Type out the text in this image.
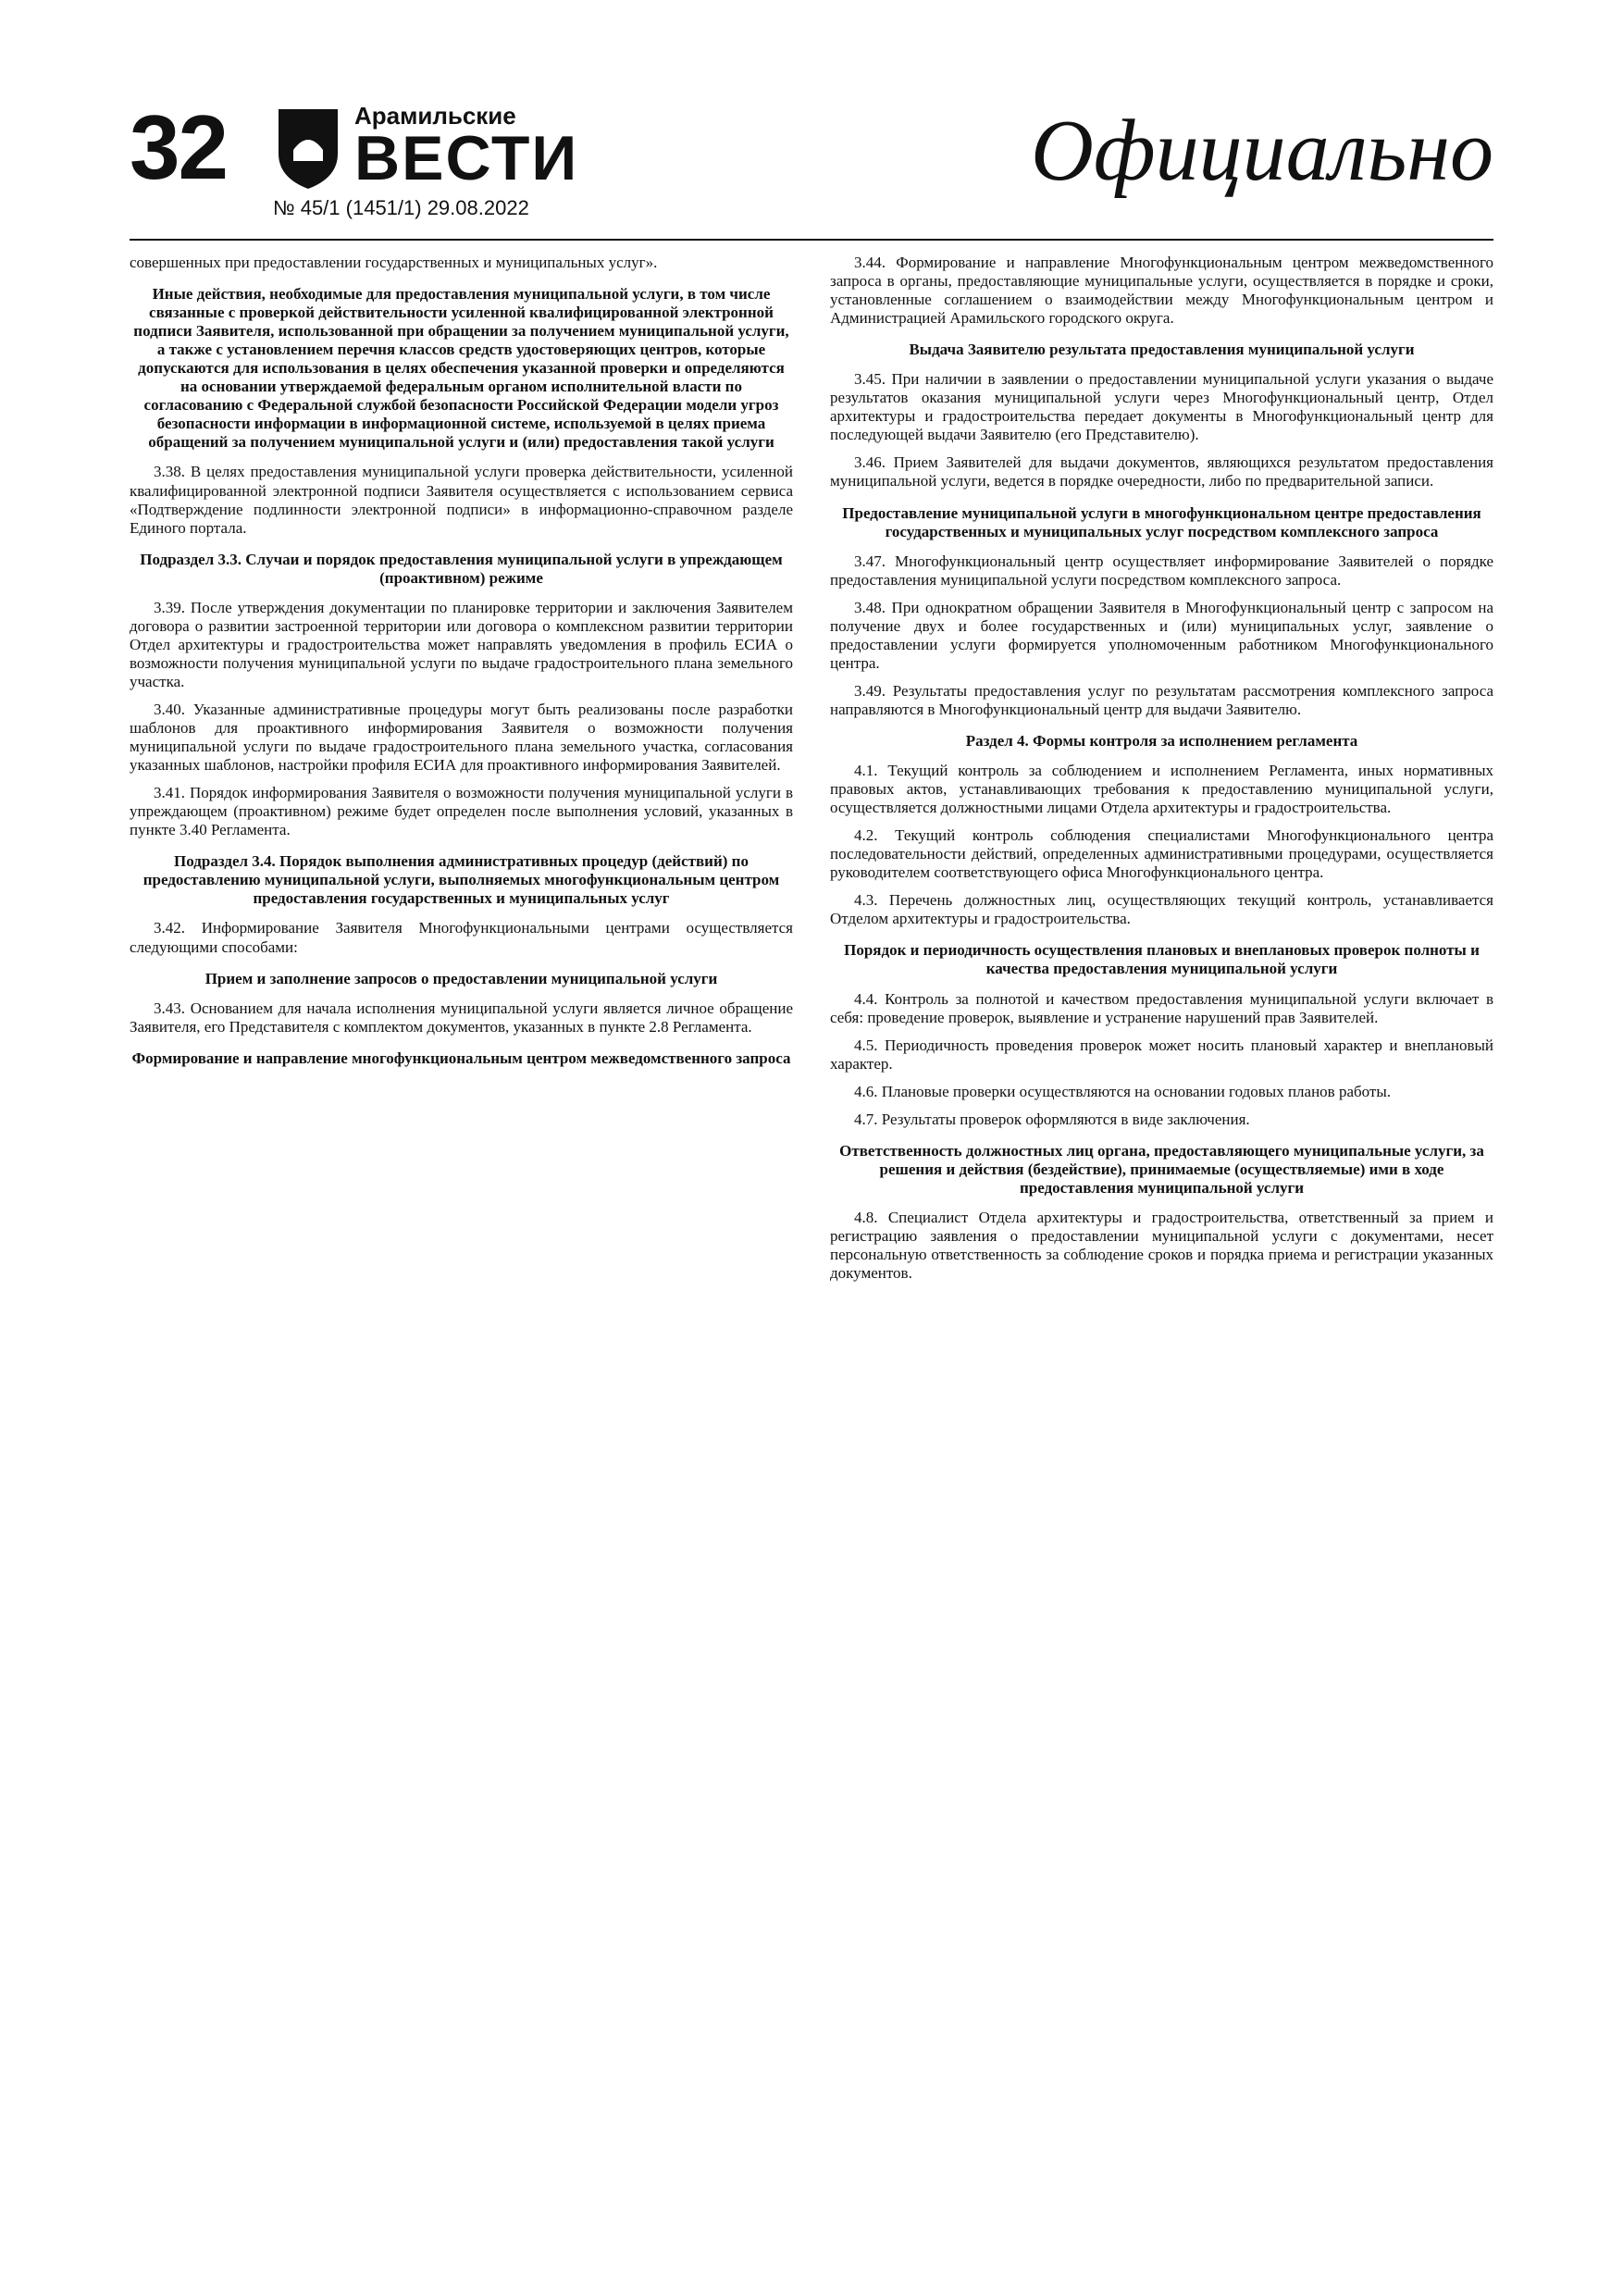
32	Арамильские
ВЕСТИ
№ 45/1 (1451/1) 29.08.2022
Официально

совершенных при предоставлении государственных и муниципальных услуг».

Иные действия, необходимые для предоставления муниципальной услуги, в том числе связанные с проверкой действительности усиленной квалифицированной электронной подписи Заявителя, использованной при обращении за получением муниципальной услуги, а также с установлением перечня классов средств удостоверяющих центров, которые допускаются для использования в целях обеспечения указанной проверки и определяются на основании утверждаемой федеральным органом исполнительной власти по согласованию с Федеральной службой безопасности Российской Федерации модели угроз безопасности информации в информационной системе, используемой в целях приема обращений за получением муниципальной услуги и (или) предоставления такой услуги

3.38. В целях предоставления муниципальной услуги проверка действительности, усиленной квалифицированной электронной подписи Заявителя осуществляется с использованием сервиса «Подтверждение подлинности электронной подписи» в информационно-справочном разделе Единого портала.

Подраздел 3.3. Случаи и порядок предоставления муниципальной услуги в упреждающем (проактивном) режиме

3.39. После утверждения документации по планировке территории и заключения Заявителем договора о развитии застроенной территории или договора о комплексном развитии территории Отдел архитектуры и градостроительства может направлять уведомления в профиль ЕСИА о возможности получения муниципальной услуги по выдаче градостроительного плана земельного участка.

3.40. Указанные административные процедуры могут быть реализованы после разработки шаблонов для проактивного информирования Заявителя о возможности получения муниципальной услуги по выдаче градостроительного плана земельного участка, согласования указанных шаблонов, настройки профиля ЕСИА для проактивного информирования Заявителей.

3.41. Порядок информирования Заявителя о возможности получения муниципальной услуги в упреждающем (проактивном) режиме будет определен после выполнения условий, указанных в пункте 3.40 Регламента.

Подраздел 3.4. Порядок выполнения административных процедур (действий) по предоставлению муниципальной услуги, выполняемых многофункциональным центром предоставления государственных и муниципальных услуг

3.42. Информирование Заявителя Многофункциональными центрами осуществляется следующими способами:

Прием и заполнение запросов о предоставлении муниципальной услуги

3.43. Основанием для начала исполнения муниципальной услуги является личное обращение Заявителя, его Представителя с комплектом документов, указанных в пункте 2.8 Регламента.

Формирование и направление многофункциональным центром межведомственного запроса

3.44. Формирование и направление Многофункциональным центром межведомственного запроса в органы, предоставляющие муниципальные услуги, осуществляется в порядке и сроки, установленные соглашением о взаимодействии между Многофункциональным центром и Администрацией Арамильского городского округа.

Выдача Заявителю результата предоставления муниципальной услуги

3.45. При наличии в заявлении о предоставлении муниципальной услуги указания о выдаче результатов оказания муниципальной услуги через Многофункциональный центр, Отдел архитектуры и градостроительства передает документы в Многофункциональный центр для последующей выдачи Заявителю (его Представителю).

3.46. Прием Заявителей для выдачи документов, являющихся результатом предоставления муниципальной услуги, ведется в порядке очередности, либо по предварительной записи.

Предоставление муниципальной услуги в многофункциональном центре предоставления государственных и муниципальных услуг посредством комплексного запроса

3.47. Многофункциональный центр осуществляет информирование Заявителей о порядке предоставления муниципальной услуги посредством комплексного запроса.

3.48. При однократном обращении Заявителя в Многофункциональный центр с запросом на получение двух и более государственных и (или) муниципальных услуг, заявление о предоставлении услуги формируется уполномоченным работником Многофункционального центра.

3.49. Результаты предоставления услуг по результатам рассмотрения комплексного запроса направляются в Многофункциональный центр для выдачи Заявителю.

Раздел 4. Формы контроля за исполнением регламента

4.1. Текущий контроль за соблюдением и исполнением Регламента, иных нормативных правовых актов, устанавливающих требования к предоставлению муниципальной услуги, осуществляется должностными лицами Отдела архитектуры и градостроительства.

4.2. Текущий контроль соблюдения специалистами Многофункционального центра последовательности действий, определенных административными процедурами, осуществляется руководителем соответствующего офиса Многофункционального центра.

4.3. Перечень должностных лиц, осуществляющих текущий контроль, устанавливается Отделом архитектуры и градостроительства.

Порядок и периодичность осуществления плановых и внеплановых проверок полноты и качества предоставления муниципальной услуги

4.4. Контроль за полнотой и качеством предоставления муниципальной услуги включает в себя: проведение проверок, выявление и устранение нарушений прав Заявителей.

4.5. Периодичность проведения проверок может носить плановый характер и внеплановый характер.

4.6. Плановые проверки осуществляются на основании годовых планов работы.

4.7. Результаты проверок оформляются в виде заключения.

Ответственность должностных лиц органа, предоставляющего муниципальные услуги, за решения и действия (бездействие), принимаемые (осуществляемые) ими в ходе предоставления муниципальной услуги

4.8. Специалист Отдела архитектуры и градостроительства, ответственный за прием и регистрацию заявления о предоставлении муниципальной услуги с документами, несет персональную ответственность за соблюдение сроков и порядка приема и регистрации указанных документов.
